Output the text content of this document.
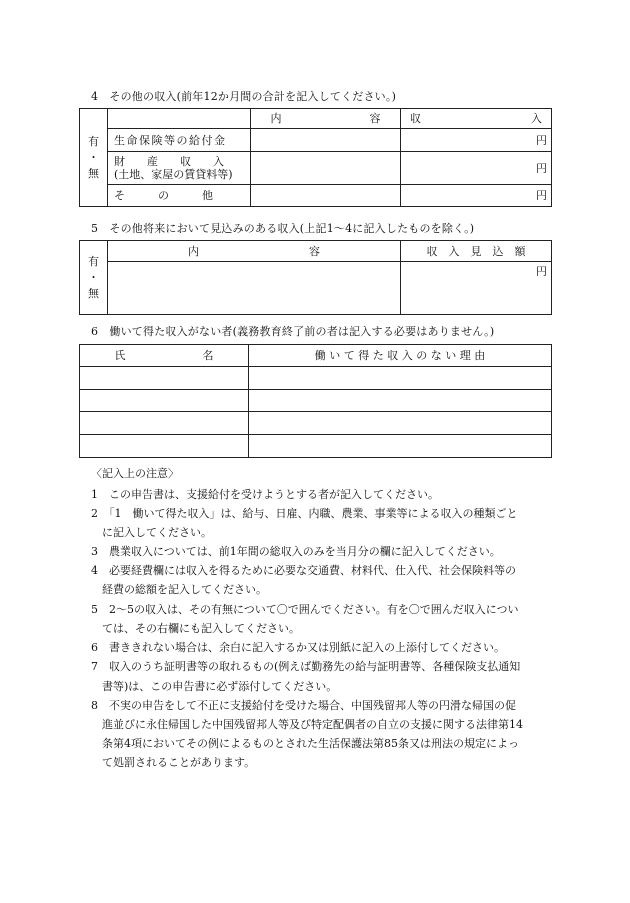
4　その他の収入(前年12か月間の合計を記入してください。)
有
・
無		内　　　　　　　　容	収　　　　　　　　　　入
	生命保険等の給付金		円

	財　　産　　収　　入
(土地、家屋の賃貸料等)		円
	そ　　　の　　　他		円
5　その他将来において見込みのある収入(上記1～4に記入したものを除く。)
有
・
無	内　　　　　　　　　　容	収　入　見　込　額
		円
6　働いて得た収入がない者(義務教育終了前の者は記入する必要はありません。)
氏　　　　　　　名	働 い て 得 た 収 入 の な い 理 由

〈記入上の注意〉
1　この申告書は、支援給付を受けようとする者が記入してください。
2　「1　働いて得た収入」は、給与、日雇、内職、農業、事業等による収入の種類ごと
　に記入してください。
3　農業収入については、前1年間の総収入のみを当月分の欄に記入してください。
4　必要経費欄には収入を得るために必要な交通費、材料代、仕入代、社会保険料等の
　経費の総額を記入してください。
5　2～5の収入は、その有無について〇で囲んでください。有を〇で囲んだ収入につい
　ては、その右欄にも記入してください。
6　書ききれない場合は、余白に記入するか又は別紙に記入の上添付してください。
7　収入のうち証明書等の取れるもの(例えば勤務先の給与証明書等、各種保険支払通知
　書等)は、この申告書に必ず添付してください。
8　不実の申告をして不正に支援給付を受けた場合、中国残留邦人等の円滑な帰国の促
　進並びに永住帰国した中国残留邦人等及び特定配偶者の自立の支援に関する法律第14
　条第4項においてその例によるものとされた生活保護法第85条又は刑法の規定によっ
　て処罰されることがあります。
